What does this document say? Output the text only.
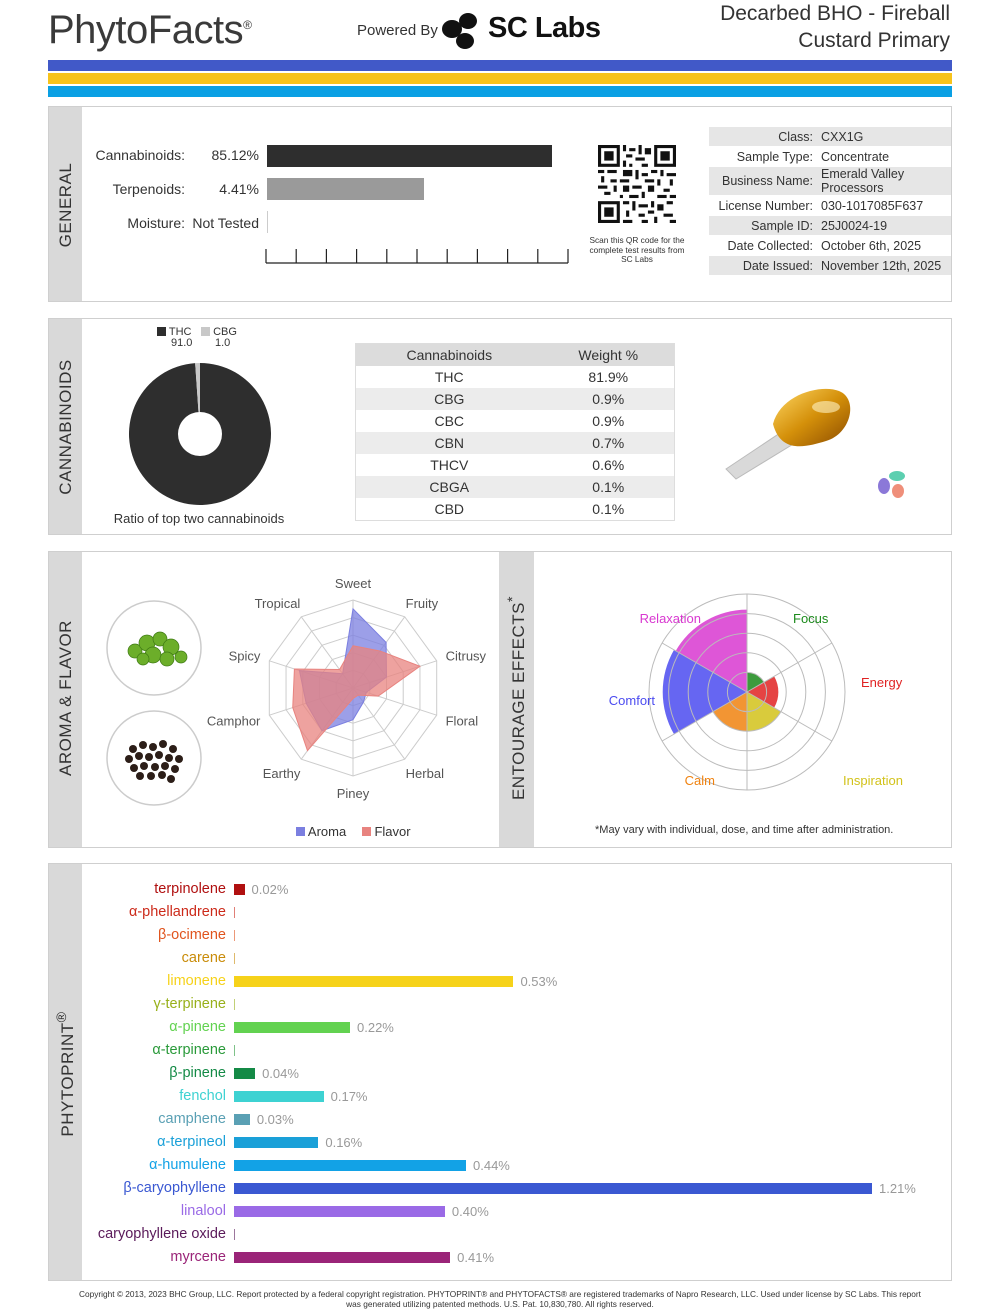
PhytoFacts®	Powered By SC Labs	Decarbed BHO - Fireball
Custard Primary
GENERAL
Cannabinoids:	85.12%
Terpenoids:	4.41%
Moisture: Not Tested
Scan this QR code for the complete test results from SC Labs
Class:	CXX1G
Sample Type:	Concentrate
Business Name:	Emerald Valley Processors
License Number:	030-1017085F637
Sample ID:	25J0024-19
Date Collected:	October 6th, 2025
Date Issued:	November 12th, 2025
CANNABINOIDS
THC
91.0
CBG
1.0
Ratio of top two cannabinoids
Cannabinoids	Weight %
THC	81.9%
CBG	0.9%
CBC	0.9%
CBN	0.7%
THCV	0.6%
CBGA	0.1%
CBD	0.1%
AROMA & FLAVOR
Sweet
Fruity
Citrusy
Floral
Herbal
Piney
Earthy
Camphor
Spicy
Tropical
Aroma Flavor
ENTOURAGE EFFECTS*
Focus
Energy
Inspiration
Calm
Comfort
Relaxation
*May vary with individual, dose, and time after administration.
PHYTOPRINT®
terpinolene 0.02%
α-phellandrene
β-ocimene
carene
limonene	0.53%
γ-terpinene
α-pinene	0.22%
α-terpinene
β-pinene	0.04%
fenchol	0.17%
camphene 0.03%
α-terpineol	0.16%
α-humulene	0.44%
β-caryophyllene	1.21%
linalool	0.40%
caryophyllene oxide
myrcene	0.41%
Copyright © 2013, 2023 BHC Group, LLC. Report protected by a federal copyright registration. PHYTOPRINT® and PHYTOFACTS® are registered trademarks of Napro Research, LLC. Used under license by SC Labs. This report
was generated utilizing patented methods. U.S. Pat. 10,830,780. All rights reserved.
